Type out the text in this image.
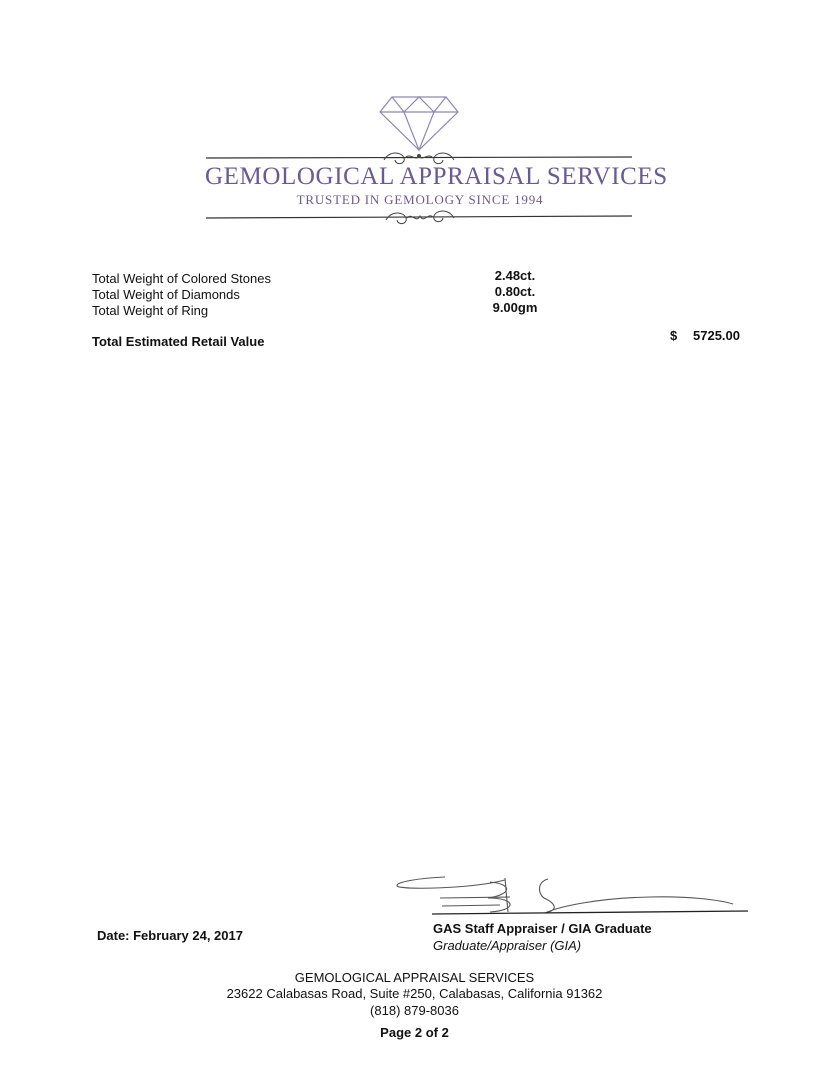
GEMOLOGICAL APPRAISAL SERVICES
TRUSTED IN GEMOLOGY SINCE 1994
Total Weight of Colored Stones	2.48ct.
Total Weight of Diamonds	0.80ct.
Total Weight of Ring	9.00gm
Total Estimated Retail Value	$ 5725.00
Date: February 24, 2017	GAS Staff Appraiser / GIA Graduate
Graduate/Appraiser (GIA)
GEMOLOGICAL APPRAISAL SERVICES
23622 Calabasas Road, Suite #250, Calabasas, California 91362
(818) 879-8036
Page 2 of 2
